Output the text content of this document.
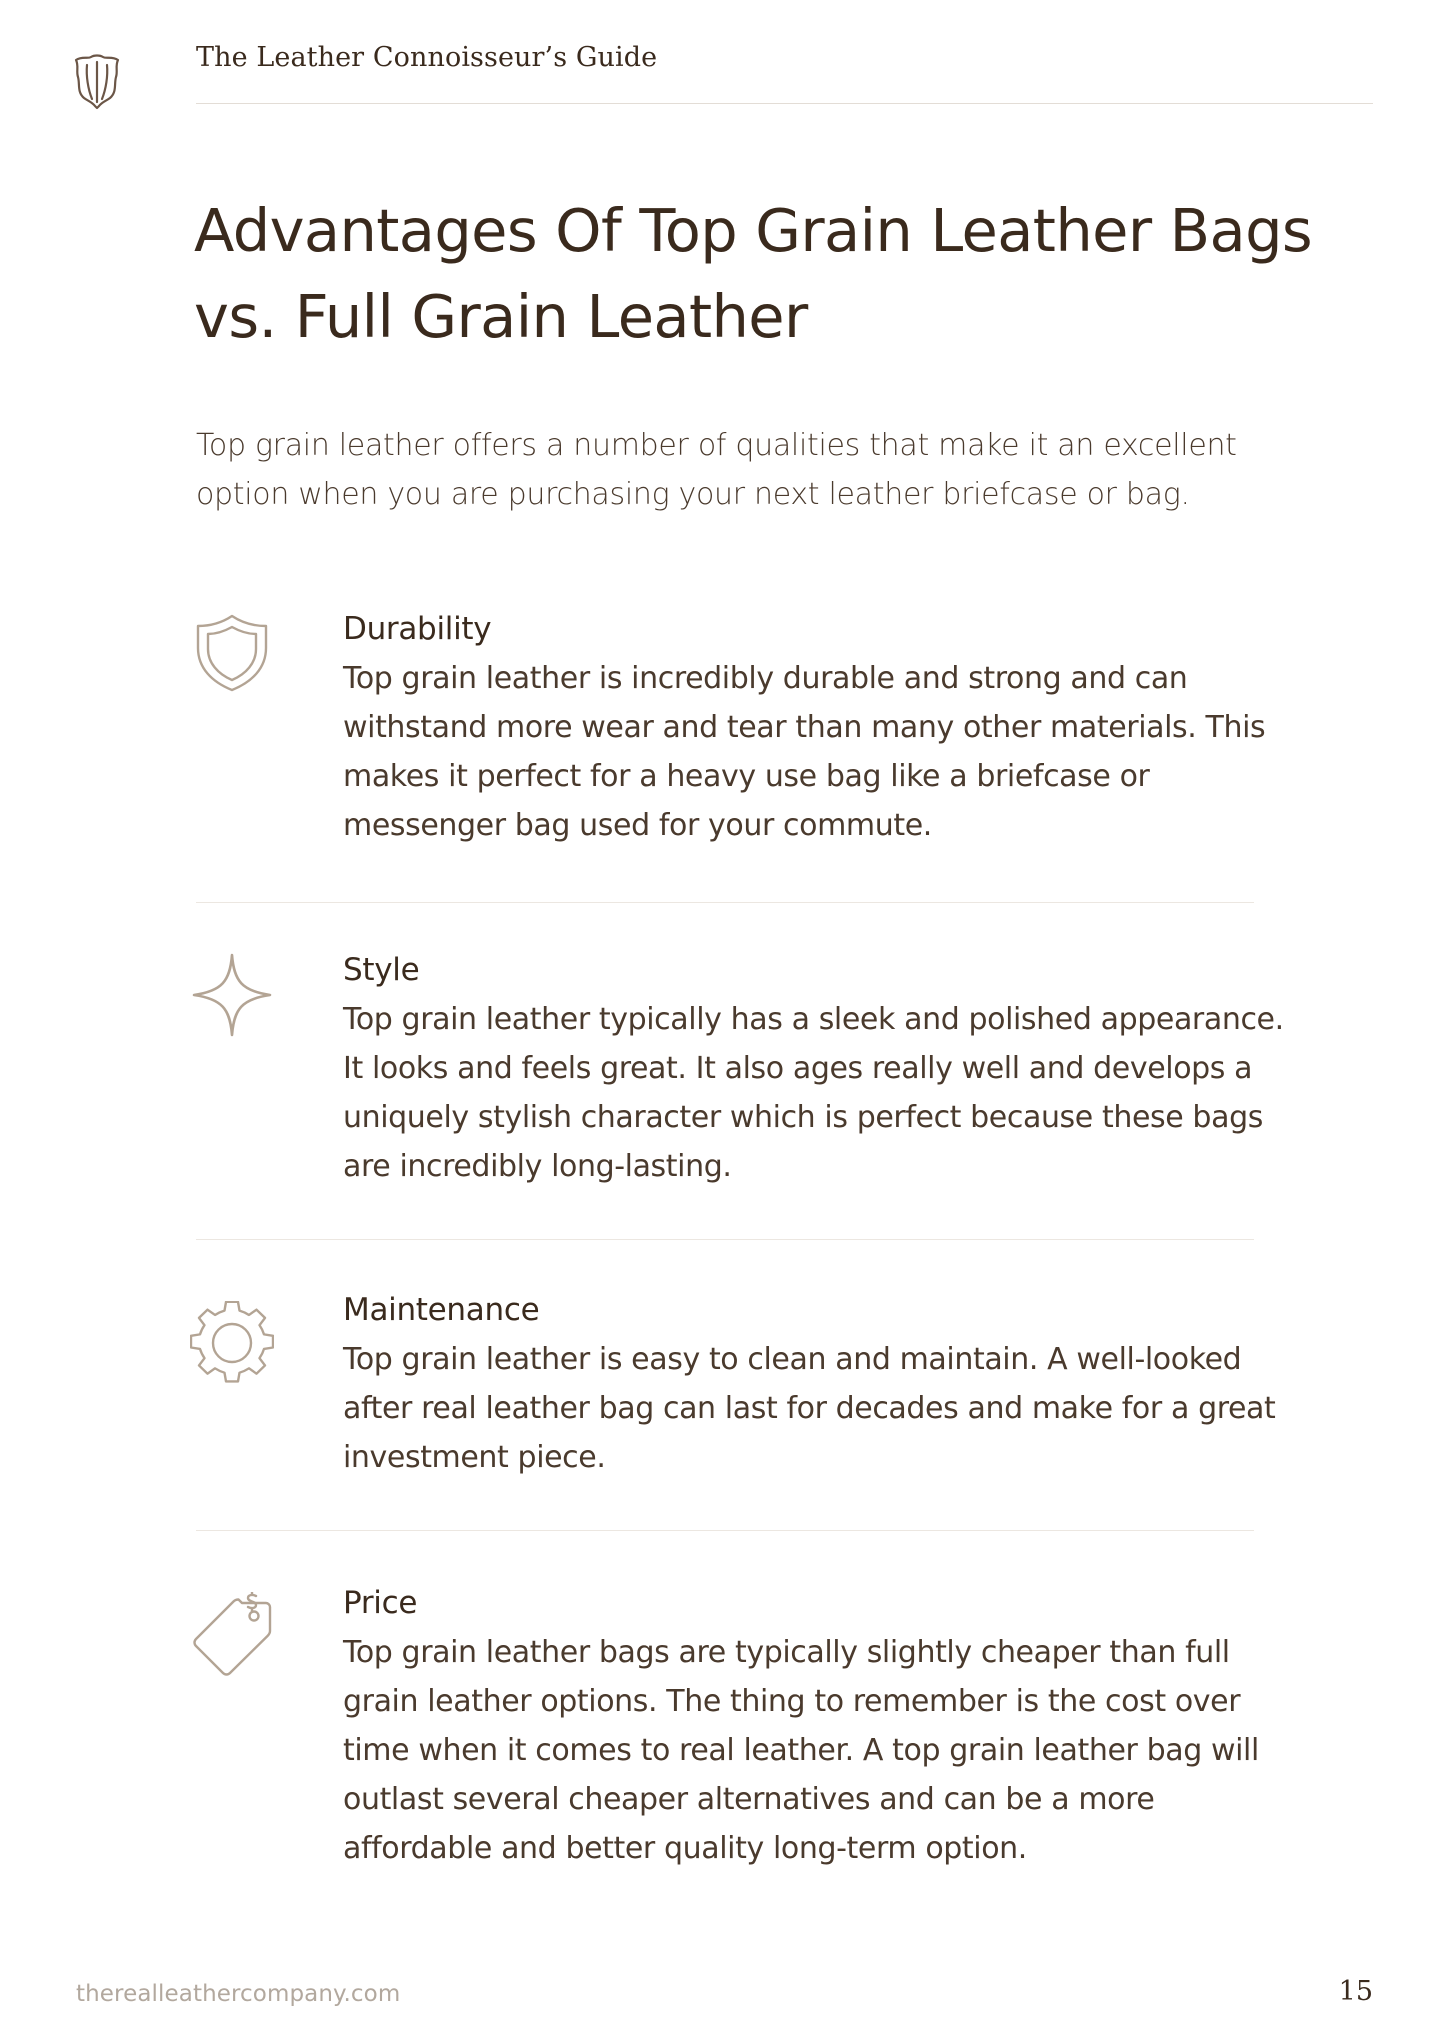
The Leather Connoisseur’s Guide
Advantages Of Top Grain Leather Bags vs. Full Grain Leather

Top grain leather offers a number of qualities that make it an excellent option when you are purchasing your next leather briefcase or bag.

Durability

Top grain leather is incredibly durable and strong and can withstand more wear and tear than many other materials. This makes it perfect for a heavy use bag like a briefcase or messenger bag used for your commute.

Style

Top grain leather typically has a sleek and polished appearance. It looks and feels great. It also ages really well and develops a uniquely stylish character which is perfect because these bags are incredibly long-lasting.

Maintenance

Top grain leather is easy to clean and maintain. A well-looked after real leather bag can last for decades and make for a great investment piece.

Price

Top grain leather bags are typically slightly cheaper than full grain leather options. The thing to remember is the cost over time when it comes to real leather. A top grain leather bag will outlast several cheaper alternatives and can be a more affordable and better quality long-term option.

therealleathercompany.com	15
